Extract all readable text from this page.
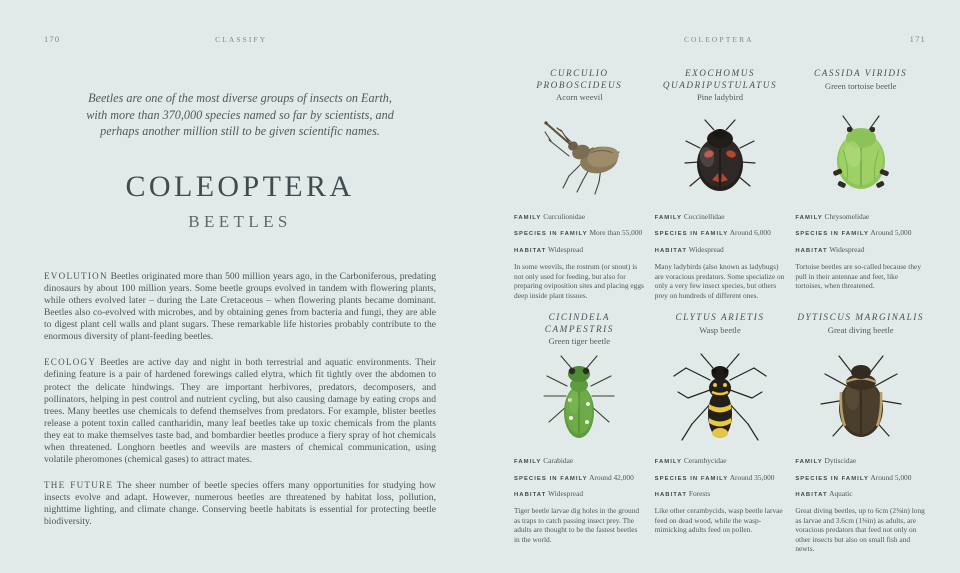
170	CLASSIFY
Beetles are one of the most diverse groups of insects on Earth, with more than 370,000 species named so far by scientists, and perhaps another million still to be given scientific names.
COLEOPTERA
BEETLES

EVOLUTION Beetles originated more than 500 million years ago, in the Carboniferous, predating dinosaurs by about 100 million years. Some beetle groups evolved in tandem with flowering plants, while others evolved later – during the Late Cretaceous – when flowering plants became dominant. Beetles also co-evolved with microbes, and by obtaining genes from bacteria and fungi, they are able to digest plant cell walls and plant sugars. These remarkable life histories probably contribute to the enormous diversity of plant-feeding beetles.

ECOLOGY Beetles are active day and night in both terrestrial and aquatic environments. Their defining feature is a pair of hardened forewings called elytra, which fit tightly over the abdomen to protect the delicate hindwings. They are important herbivores, predators, decomposers, and pollinators, helping in pest control and nutrient cycling, but also causing damage by eating crops and trees. Many beetles use chemicals to defend themselves from predators. For example, blister beetles release a potent toxin called cantharidin, many leaf beetles take up toxic chemicals from the plants they eat to make themselves taste bad, and bombardier beetles produce a fiery spray of hot chemicals when threatened. Longhorn beetles and weevils are masters of chemical communication, using volatile pheromones (chemical gases) to attract mates.

THE FUTURE The sheer number of beetle species offers many opportunities for studying how insects evolve and adapt. However, numerous beetles are threatened by habitat loss, pollution, nighttime lighting, and climate change. Conserving beetle habitats is essential for protecting beetle biodiversity.

COLEOPTERA	171
CURCULIO PROBOSCIDEUS
Acorn weevil
FAMILY Curculionidae
SPECIES IN FAMILY More than 55,000
HABITAT Widespread
In some weevils, the rostrum (or snout) is not only used for feeding, but also for preparing oviposition sites and placing eggs deep inside plant tissues.
EXOCHOMUS QUADRIPUSTULATUS
Pine ladybird
FAMILY Coccinellidae
SPECIES IN FAMILY Around 6,000
HABITAT Widespread
Many ladybirds (also known as ladybugs) are voracious predators. Some specialize on only a very few insect species, but others prey on hundreds of different ones.
CASSIDA VIRIDIS
Green tortoise beetle
FAMILY Chrysomelidae
SPECIES IN FAMILY Around 5,000
HABITAT Widespread
Tortoise beetles are so-called because they pull in their antennae and feet, like tortoises, when threatened.
CICINDELA CAMPESTRIS
Green tiger beetle
FAMILY Carabidae
SPECIES IN FAMILY Around 42,000
HABITAT Widespread
Tiger beetle larvae dig holes in the ground as traps to catch passing insect prey. The adults are thought to be the fastest beetles in the world.
CLYTUS ARIETIS
Wasp beetle
FAMILY Cerambycidae
SPECIES IN FAMILY Around 35,000
HABITAT Forests
Like other cerambycids, wasp beetle larvae feed on dead wood, while the wasp-mimicking adults feed on pollen.
DYTISCUS MARGINALIS
Great diving beetle
FAMILY Dytiscidae
SPECIES IN FAMILY Around 5,000
HABITAT Aquatic
Great diving beetles, up to 6cm (2⅜in) long as larvae and 3.6cm (1⅜in) as adults, are voracious predators that feed not only on other insects but also on small fish and newts.
